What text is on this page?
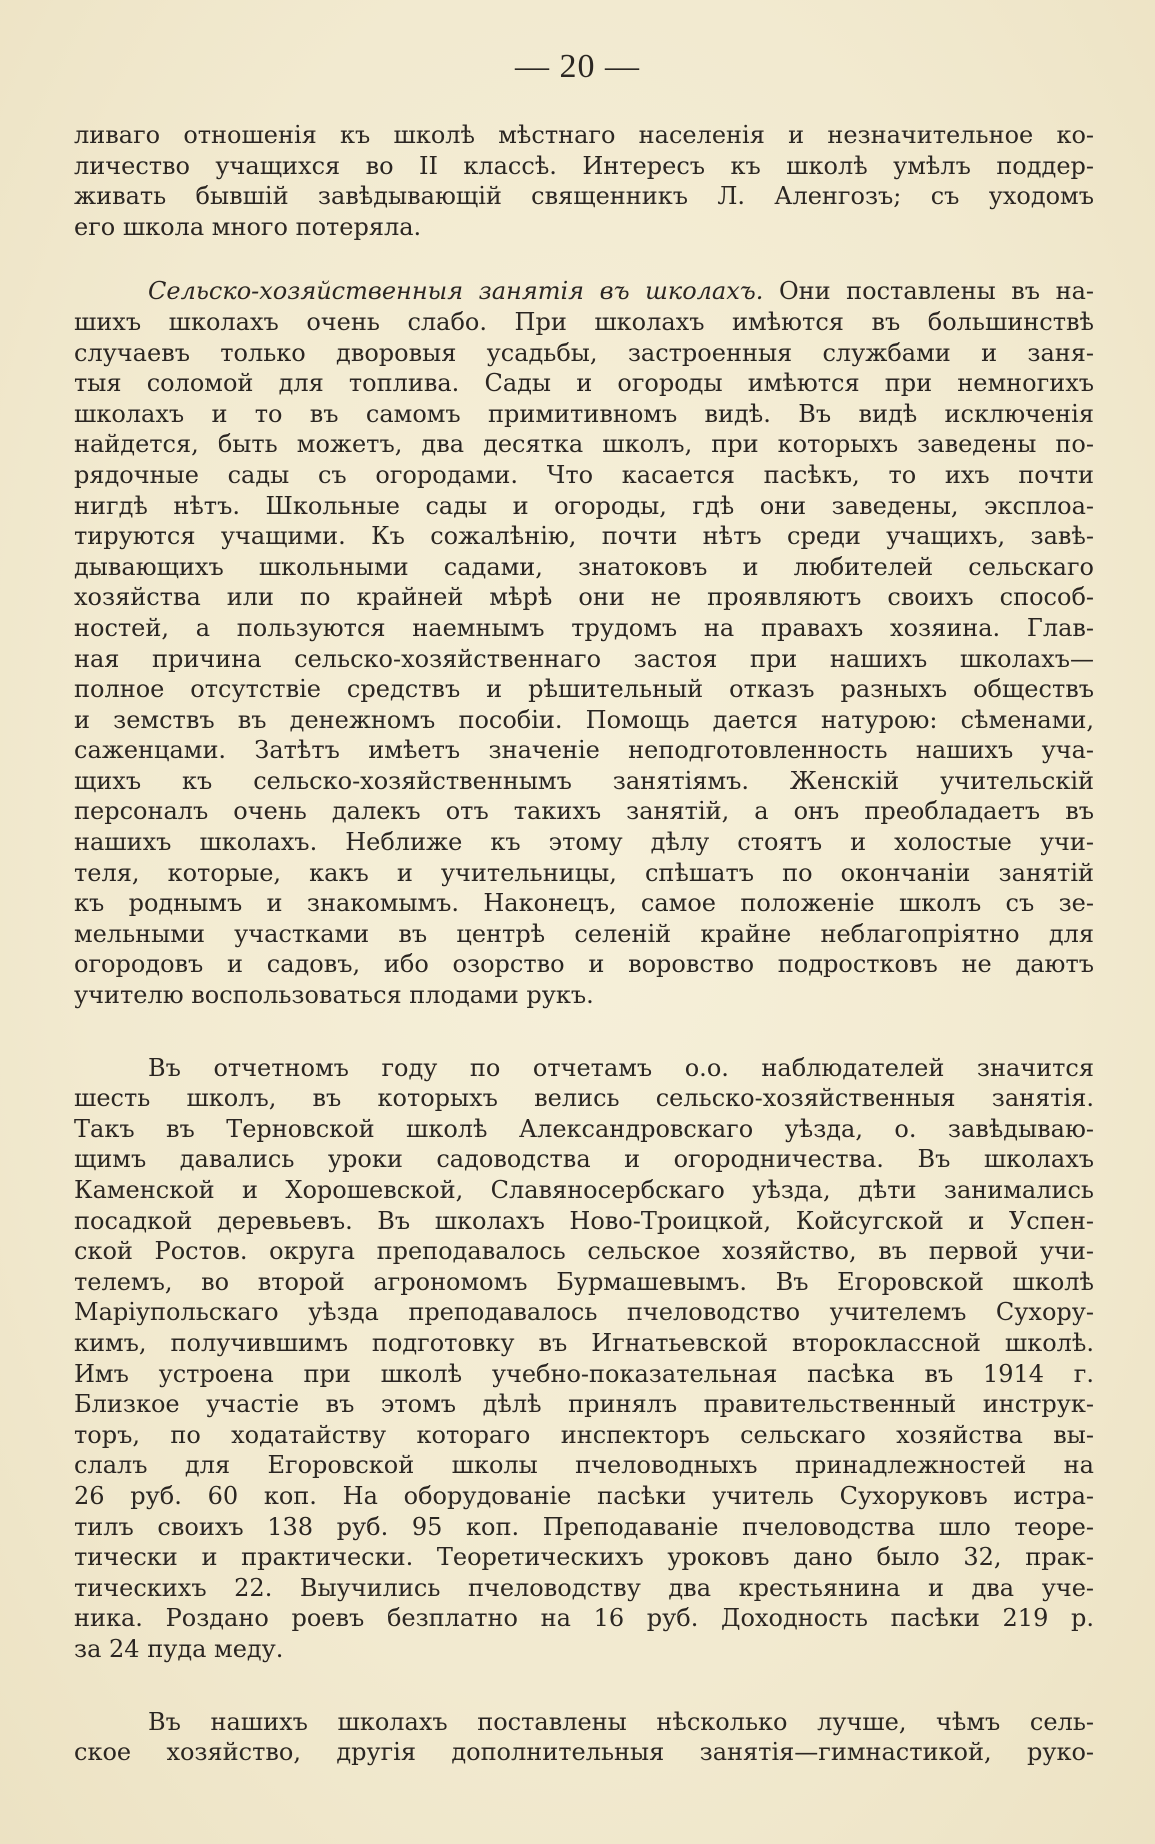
— 20 —
ливаго отношенія къ школѣ мѣстнаго населенія и незначительное ко-
личество учащихся во II классѣ. Интересъ къ школѣ умѣлъ поддер-
живать бывшій завѣдывающій священникъ Л. Аленгозъ; съ уходомъ
его школа много потеряла.
Сельско-хозяйственныя занятія въ школахъ. Они поставлены въ на-
шихъ школахъ очень слабо. При школахъ имѣются въ большинствѣ
случаевъ только дворовыя усадьбы, застроенныя службами и заня-
тыя соломой для топлива. Сады и огороды имѣются при немногихъ
школахъ и то въ самомъ примитивномъ видѣ. Въ видѣ исключенія
найдется, быть можетъ, два десятка школъ, при которыхъ заведены по-
рядочные сады съ огородами. Что касается пасѣкъ, то ихъ почти
нигдѣ нѣтъ. Школьные сады и огороды, гдѣ они заведены, эксплоа-
тируются учащими. Къ сожалѣнію, почти нѣтъ среди учащихъ, завѣ-
дывающихъ школьными садами, знатоковъ и любителей сельскаго
хозяйства или по крайней мѣрѣ они не проявляютъ своихъ способ-
ностей, а пользуются наемнымъ трудомъ на правахъ хозяина. Глав-
ная причина сельско-хозяйственнаго застоя при нашихъ школахъ—
полное отсутствіе средствъ и рѣшительный отказъ разныхъ обществъ
и земствъ въ денежномъ пособіи. Помощь дается натурою: сѣменами,
саженцами. Затѣтъ имѣетъ значеніе неподготовленность нашихъ уча-
щихъ къ сельско-хозяйственнымъ занятіямъ. Женскій учительскій
персоналъ очень далекъ отъ такихъ занятій, а онъ преобладаетъ въ
нашихъ школахъ. Неближе къ этому дѣлу стоятъ и холостые учи-
теля, которые, какъ и учительницы, спѣшатъ по окончаніи занятій
къ роднымъ и знакомымъ. Наконецъ, самое положеніе школъ съ зе-
мельными участками въ центрѣ селеній крайне неблагопріятно для
огородовъ и садовъ, ибо озорство и воровство подростковъ не даютъ
учителю воспользоваться плодами рукъ.
Въ отчетномъ году по отчетамъ о.о. наблюдателей значится
шесть школъ, въ которыхъ велись сельско-хозяйственныя занятія.
Такъ въ Терновской школѣ Александровскаго уѣзда, о. завѣдываю-
щимъ давались уроки садоводства и огородничества. Въ школахъ
Каменской и Хорошевской, Славяносербскаго уѣзда, дѣти занимались
посадкой деревьевъ. Въ школахъ Ново-Троицкой, Койсугской и Успен-
ской Ростов. округа преподавалось сельское хозяйство, въ первой учи-
телемъ, во второй агрономомъ Бурмашевымъ. Въ Егоровской школѣ
Маріупольскаго уѣзда преподавалось пчеловодство учителемъ Сухору-
кимъ, получившимъ подготовку въ Игнатьевской второклассной школѣ.
Имъ устроена при школѣ учебно-показательная пасѣка въ 1914 г.
Близкое участіе въ этомъ дѣлѣ принялъ правительственный инструк-
торъ, по ходатайству котораго инспекторъ сельскаго хозяйства вы-
слалъ для Егоровской школы пчеловодныхъ принадлежностей на
26 руб. 60 коп. На оборудованіе пасѣки учитель Сухоруковъ истра-
тилъ своихъ 138 руб. 95 коп. Преподаваніе пчеловодства шло теоре-
тически и практически. Теоретическихъ уроковъ дано было 32, прак-
тическихъ 22. Выучились пчеловодству два крестьянина и два уче-
ника. Роздано роевъ безплатно на 16 руб. Доходность пасѣки 219 р.
за 24 пуда меду.
Въ нашихъ школахъ поставлены нѣсколько лучше, чѣмъ сель-
ское хозяйство, другія дополнительныя занятія—гимнастикой, руко-
